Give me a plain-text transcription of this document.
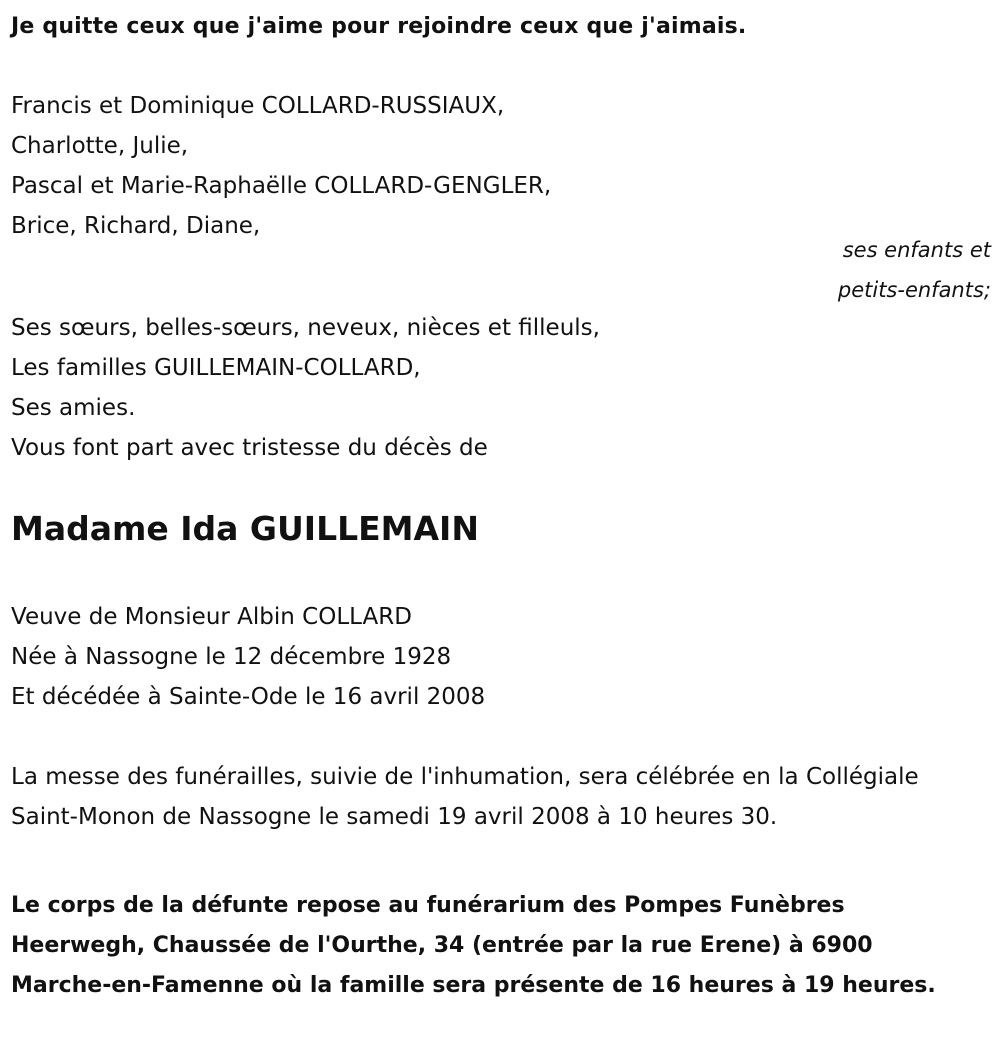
Je quitte ceux que j'aime pour rejoindre ceux que j'aimais.
Francis et Dominique COLLARD-RUSSIAUX,
Charlotte, Julie,
Pascal et Marie-Raphaëlle COLLARD-GENGLER,
Brice, Richard, Diane,
ses enfants et
petits-enfants;
Ses sœurs, belles-sœurs, neveux, nièces et filleuls,
Les familles GUILLEMAIN-COLLARD,
Ses amies.
Vous font part avec tristesse du décès de
Madame Ida GUILLEMAIN
Veuve de Monsieur Albin COLLARD
Née à Nassogne le 12 décembre 1928
Et décédée à Sainte-Ode le 16 avril 2008
La messe des funérailles, suivie de l'inhumation, sera célébrée en la Collégiale Saint-Monon de Nassogne le samedi 19 avril 2008 à 10 heures 30.
Le corps de la défunte repose au funérarium des Pompes Funèbres Heerwegh, Chaussée de l'Ourthe, 34 (entrée par la rue Erene) à 6900 Marche-en-Famenne où la famille sera présente de 16 heures à 19 heures.
